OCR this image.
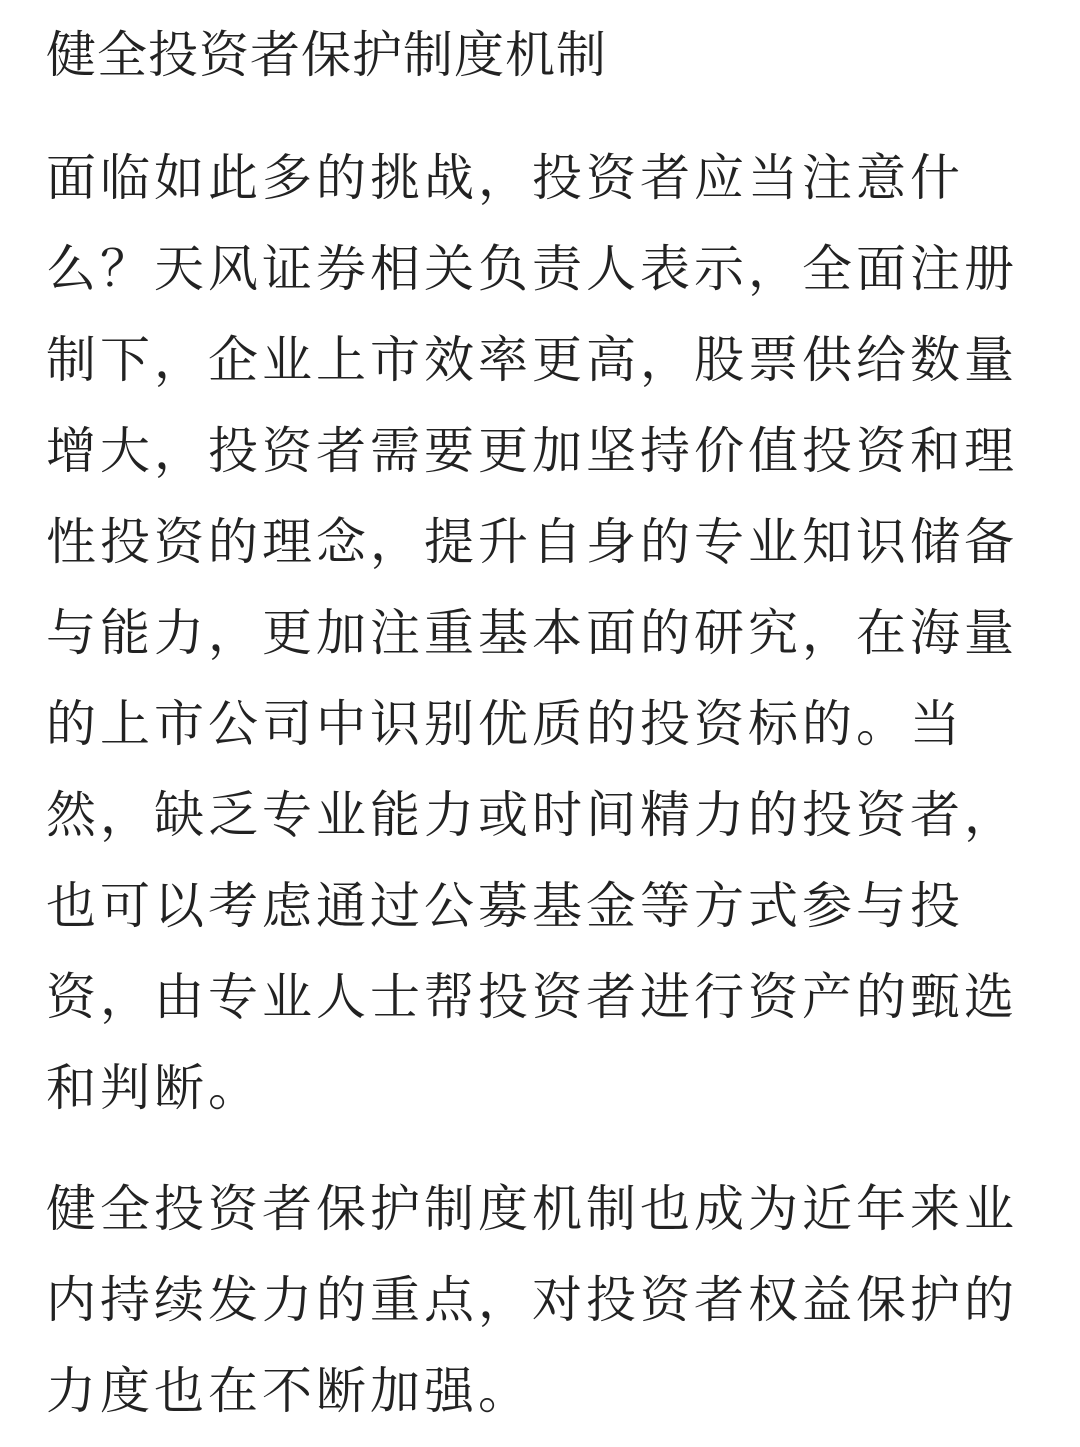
健全投资者保护制度机制

面临如此多的挑战，投资者应当注意什
么？天风证券相关负责人表示，全面注册
制下，企业上市效率更高，股票供给数量
增大，投资者需要更加坚持价值投资和理
性投资的理念，提升自身的专业知识储备
与能力，更加注重基本面的研究，在海量
的上市公司中识别优质的投资标的。当
然，缺乏专业能力或时间精力的投资者，
也可以考虑通过公募基金等方式参与投
资，由专业人士帮投资者进行资产的甄选
和判断。

健全投资者保护制度机制也成为近年来业
内持续发力的重点，对投资者权益保护的
力度也在不断加强。
